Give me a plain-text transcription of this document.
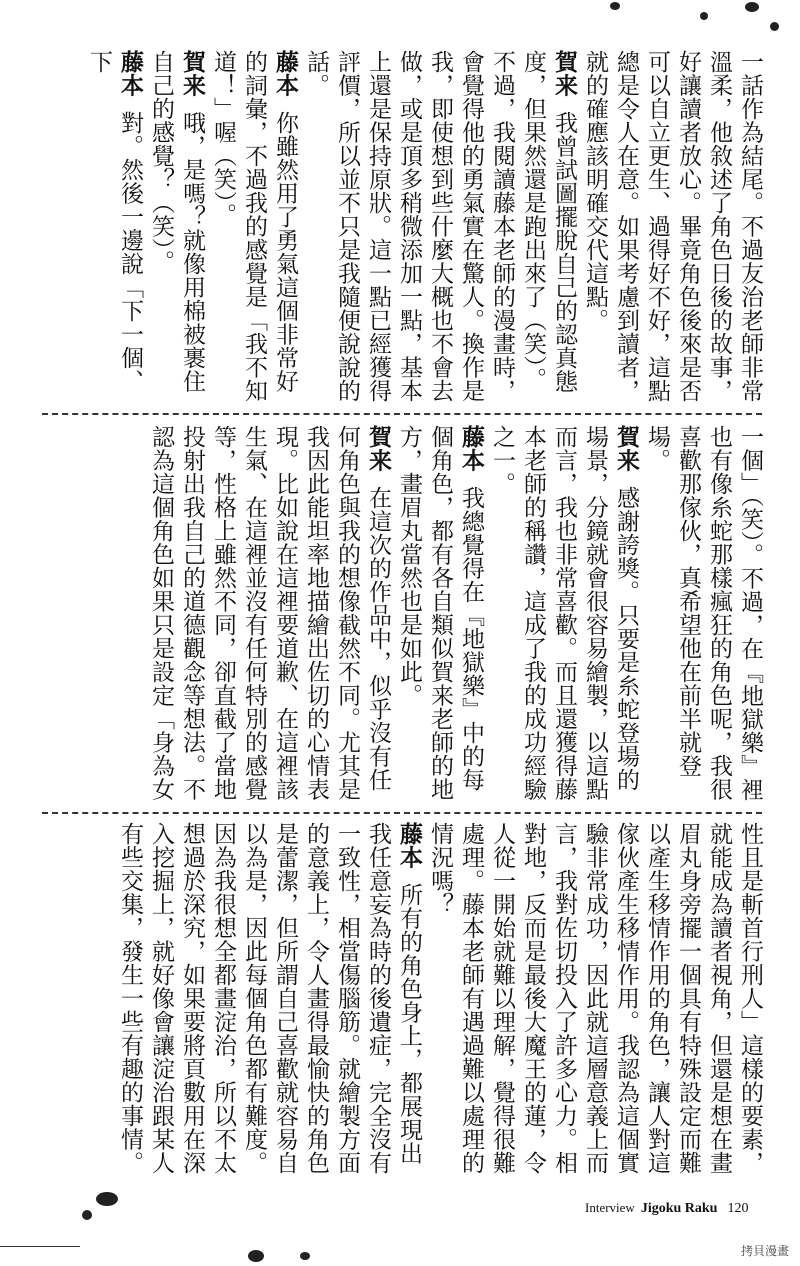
一話作為結尾。不過友治老師非常溫柔，他敘述了角色日後的故事，好讓讀者放心。畢竟角色後來是否可以自立更生、過得好不好，這點總是令人在意。如果考慮到讀者，就的確應該明確交代這點。

賀来我曾試圖擺脫自己的認真態度，但果然還是跑出來了（笑）。不過，我閱讀藤本老師的漫畫時，會覺得他的勇氣實在驚人。換作是我，即使想到些什麼大概也不會去做，或是頂多稍微添加一點，基本上還是保持原狀。這一點已經獲得評價，所以並不只是我隨便說說的話。

藤本你雖然用了勇氣這個非常好的詞彙，不過我的感覺是「我不知道！」喔（笑）。

賀来哦，是嗎？就像用棉被裹住自己的感覺？（笑）。

藤本對。然後一邊說「下一個、下

一個」（笑）。不過，在『地獄樂』裡也有像糸蛇那樣瘋狂的角色呢，我很喜歡那傢伙，真希望他在前半就登場。

賀来感謝誇獎。只要是糸蛇登場的場景，分鏡就會很容易繪製，以這點而言，我也非常喜歡。而且還獲得藤本老師的稱讚，這成了我的成功經驗之一。

藤本我總覺得在『地獄樂』中的每個角色，都有各自類似賀来老師的地方，畫眉丸當然也是如此。

賀来在這次的作品中，似乎沒有任何角色與我的想像截然不同。尤其是我因此能坦率地描繪出佐切的心情表現。比如說在這裡要道歉、在這裡該生氣、在這裡並沒有任何特別的感覺等，性格上雖然不同，卻直截了當地投射出我自己的道德觀念等想法。不認為這個角色如果只是設定「身為女

性且是斬首行刑人」這樣的要素，就能成為讀者視角，但還是想在畫眉丸身旁擺一個具有特殊設定而難以產生移情作用的角色，讓人對這傢伙產生移情作用。我認為這個實驗非常成功，因此就這層意義上而言，我對佐切投入了許多心力。相對地，反而是最後大魔王的蓮，令人從一開始就難以理解，覺得很難處理。藤本老師有遇過難以處理的情況嗎？

藤本所有的角色身上，都展現出我任意妄為時的後遺症，完全沒有一致性，相當傷腦筋。就繪製方面的意義上，令人畫得最愉快的角色是蕾潔，但所謂自己喜歡就容易自以為是，因此每個角色都有難度。因為我很想全都畫淀治，所以不太想過於深究，如果要將頁數用在深入挖掘上，就好像會讓淀治跟某人有些交集，發生一些有趣的事情。

Interview Jigoku Raku 120
拷貝漫畫
